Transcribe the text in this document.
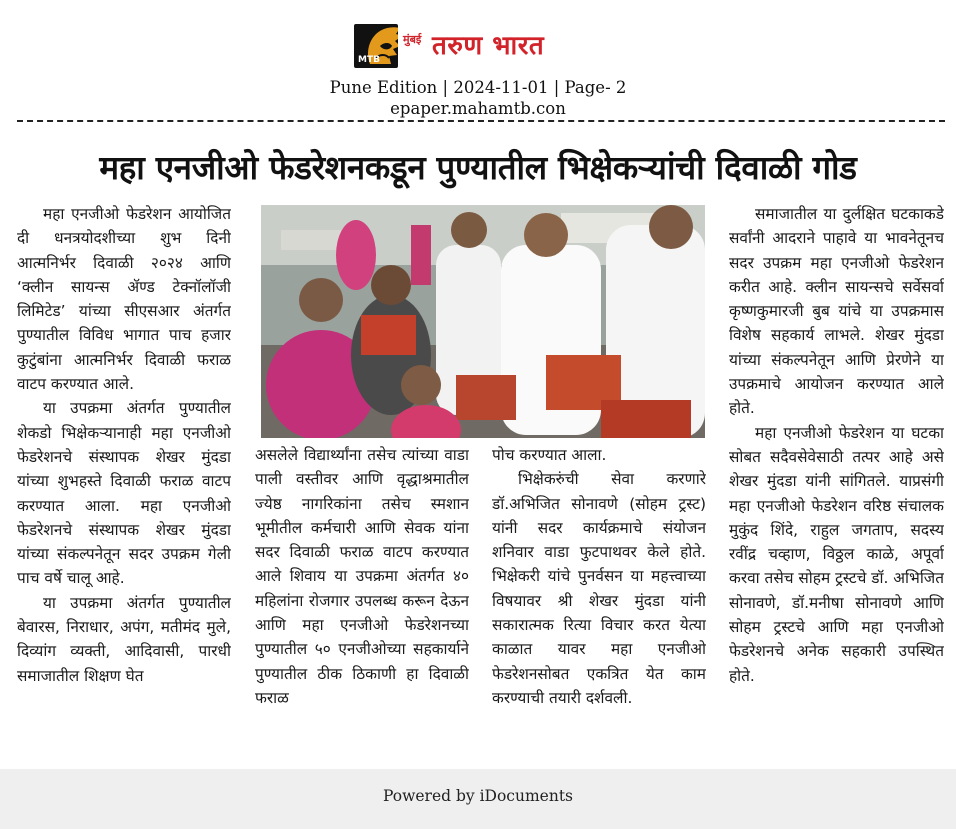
MTB
मुंबई तरुण भारत
Pune Edition | 2024-11-01 | Page- 2
epaper.mahamtb.con
महा एनजीओ फेडरेशनकडून पुण्यातील भिक्षेकऱ्यांची दिवाळी गोड

महा एनजीओ फेडरेशन आयोजित दी धनत्रयोदशीच्या शुभ दिनी आत्मनिर्भर दिवाळी २०२४ आणि ‘क्लीन सायन्स ॲण्ड टेक्नॉलॉजी लिमिटेड’ यांच्या सीएसआर अंतर्गत पुण्यातील विविध भागात पाच हजार कुटुंबांना आत्मनिर्भर दिवाळी फराळ वाटप करण्यात आले.

या उपक्रमा अंतर्गत पुण्यातील शेकडो भिक्षेकऱ्यानाही महा एनजीओ फेडरेशनचे संस्थापक शेखर मुंदडा यांच्या शुभहस्ते दिवाळी फराळ वाटप करण्यात आला. महा एनजीओ फेडरेशनचे संस्थापक शेखर मुंदडा यांच्या संकल्पनेतून सदर उपक्रम गेली पाच वर्षे चालू आहे.

या उपक्रमा अंतर्गत पुण्यातील बेवारस, निराधार, अपंग, मतीमंद मुले, दिव्यांग व्यक्ती, आदिवासी, पारधी समाजातील शिक्षण घेत

असलेले विद्यार्थ्यांना तसेच त्यांच्या वाडा पाली वस्तीवर आणि वृद्धाश्रमातील ज्येष्ठ नागरिकांना तसेच स्मशान भूमीतील कर्मचारी आणि सेवक यांना सदर दिवाळी फराळ वाटप करण्यात आले शिवाय या उपक्रमा अंतर्गत ४० महिलांना रोजगार उपलब्ध करून देऊन आणि महा एनजीओ फेडरेशनच्या पुण्यातील ५० एनजीओच्या सहकार्याने पुण्यातील ठीक ठिकाणी हा दिवाळी फराळ

पोच करण्यात आला.

भिक्षेकरुंची सेवा करणारे डॉ.अभिजित सोनावणे (सोहम ट्रस्ट) यांनी सदर कार्यक्रमाचे संयोजन शनिवार वाडा फुटपाथवर केले होते. भिक्षेकरी यांचे पुनर्वसन या महत्त्वाच्या विषयावर श्री शेखर मुंदडा यांनी सकारात्मक रित्या विचार करत येत्या काळात यावर महा एनजीओ फेडरेशनसोबत एकत्रित येत काम करण्याची तयारी दर्शवली.

समाजातील या दुर्लक्षित घटकाकडे सर्वांनी आदराने पाहावे या भावनेतूनच सदर उपक्रम महा एनजीओ फेडरेशन करीत आहे. क्लीन सायन्सचे सर्वेसर्वा कृष्णकुमारजी बुब यांचे या उपक्रमास विशेष सहकार्य लाभले. शेखर मुंदडा यांच्या संकल्पनेतून आणि प्रेरणेने या उपक्रमाचे आयोजन करण्यात आले होते.

महा एनजीओ फेडरेशन या घटका सोबत सदैवसेवेसाठी तत्पर आहे असे शेखर मुंदडा यांनी सांगितले. याप्रसंगी महा एनजीओ फेडरेशन वरिष्ठ संचालक मुकुंद शिंदे, राहुल जगताप, सदस्य रवींद्र चव्हाण, विठ्ठल काळे, अपूर्वा करवा तसेच सोहम ट्रस्टचे डॉ. अभिजित सोनावणे, डॉ.मनीषा सोनावणे आणि सोहम ट्रस्टचे आणि महा एनजीओ फेडरेशनचे अनेक सहकारी उपस्थित होते.

Powered by iDocuments
